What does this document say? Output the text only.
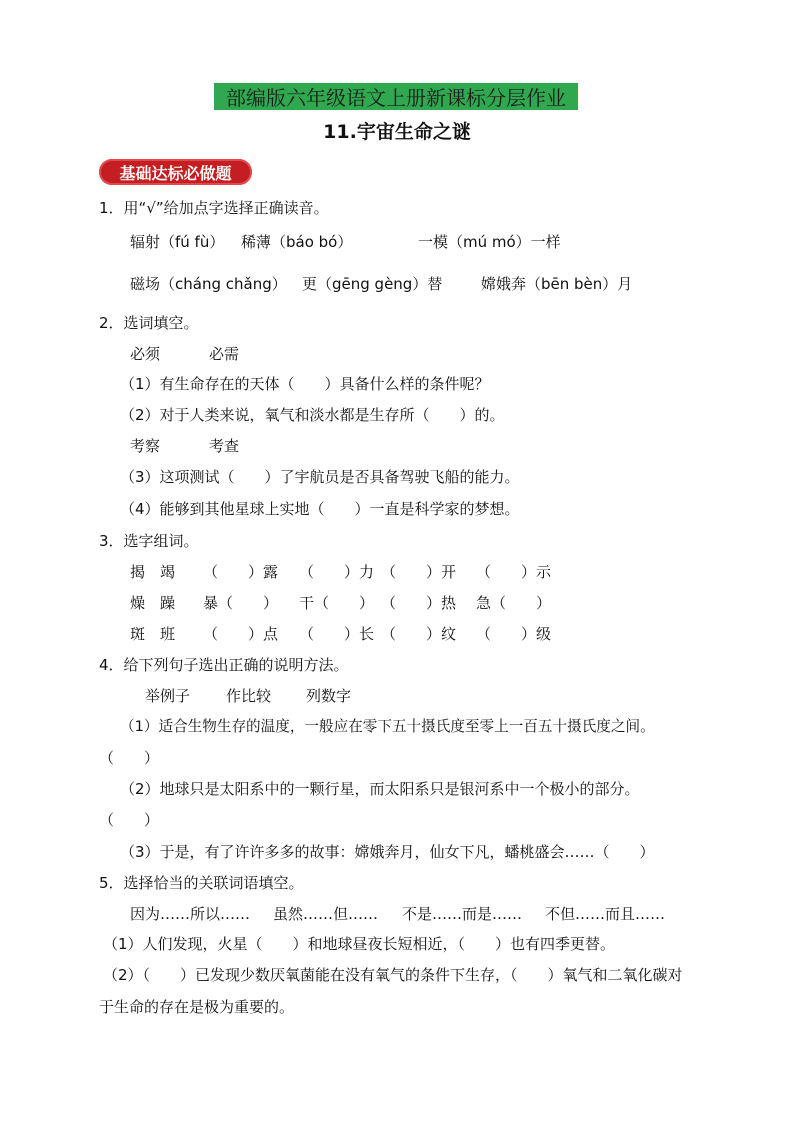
部编版六年级语文上册新课标分层作业
11.宇宙生命之谜
基础达标必做题
1．用“√”给加点字选择正确读音。
辐射（fú fù） 稀薄（báo bó）	一模（mú mó）一样
磁场（cháng chǎng） 更（gēng gèng）替	嫦娥奔（bēn bèn）月
2．选词填空。
必须	必需
（1）有生命存在的天体（　　）具备什么样的条件呢？
（2）对于人类来说，氧气和淡水都是生存所（　　）的。
考察	考查
（3）这项测试（　　）了宇航员是否具备驾驶飞船的能力。
（4）能够到其他星球上实地（　　）一直是科学家的梦想。
3．选字组词。
揭　竭 （　　）露 （　　）力 （　　）开 （　　）示
燥　躁 暴（　　） 干（　　） （　　）热 急（　　）
斑　班 （　　）点 （　　）长 （　　）纹 （　　）级
4．给下列句子选出正确的说明方法。
举例子 作比较 列数字
（1）适合生物生存的温度，一般应在零下五十摄氏度至零上一百五十摄氏度之间。
（　　）
（2）地球只是太阳系中的一颗行星，而太阳系只是银河系中一个极小的部分。
（　　）
（3）于是，有了许许多多的故事：嫦娥奔月，仙女下凡，蟠桃盛会……（　　）
5．选择恰当的关联词语填空。
因为……所以…… 虽然……但…… 不是……而是…… 不但……而且……
（1）人们发现，火星（　　）和地球昼夜长短相近，（　　）也有四季更替。
（2）（　　）已发现少数厌氧菌能在没有氧气的条件下生存，（　　）氧气和二氧化碳对
于生命的存在是极为重要的。
